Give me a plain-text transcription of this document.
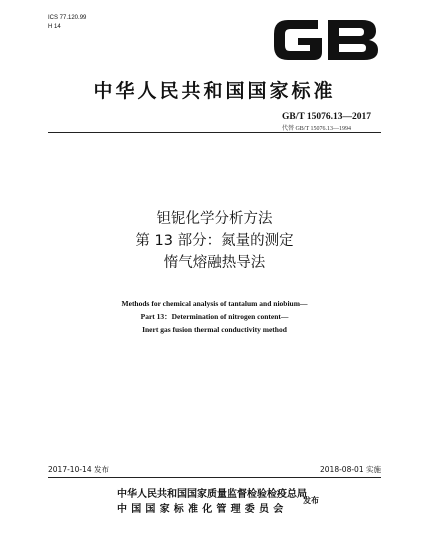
ICS 77.120.99
H 14
中华人民共和国国家标准
GB/T 15076.13—2017
代替 GB/T 15076.13—1994
钽铌化学分析方法
第 13 部分：氮量的测定
惰气熔融热导法
Methods for chemical analysis of tantalum and niobium—
Part 13：Determination of nitrogen content—
Inert gas fusion thermal conductivity method
2017-10-14 发布	2018-08-01 实施
中华人民共和国国家质量监督检验检疫总局
中国国家标准化管理委员会
发布
